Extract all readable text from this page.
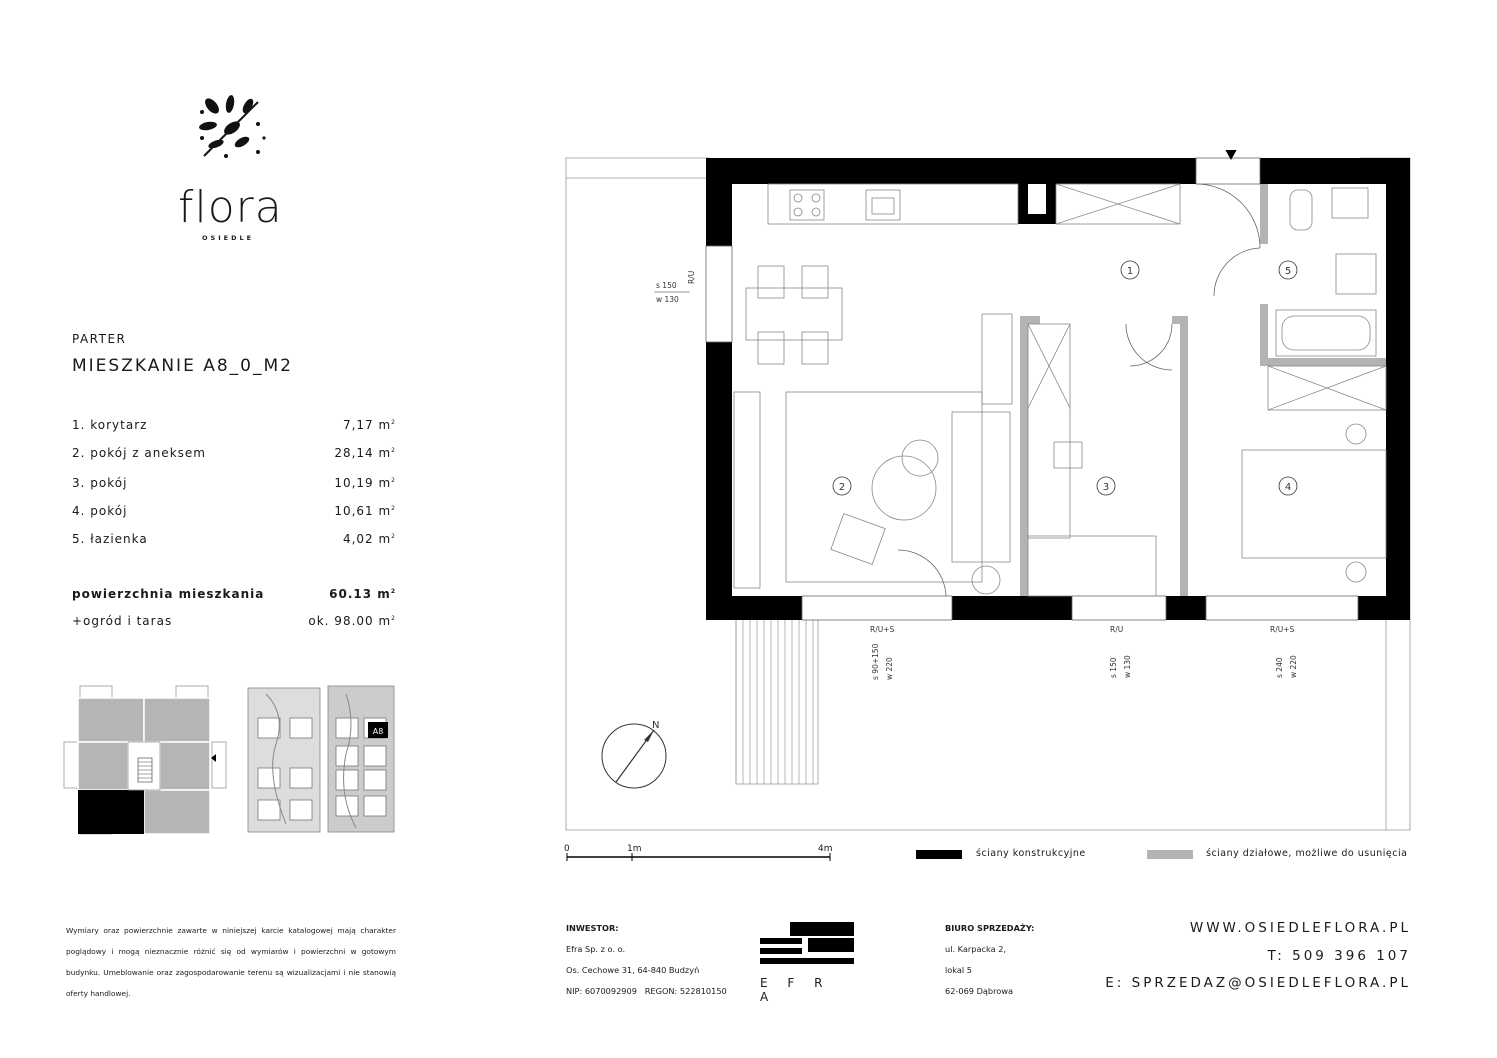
flora
OSIEDLE
PARTER
MIESZKANIE A8_0_M2
1. korytarz	7,17 $m^2$
2. pokój z aneksem	28,14 $m^2$
3. pokój	10,19 $m^2$
4. pokój	10,61 $m^2$
5. łazienka	4,02 $m^2$
powierzchnia mieszkania	60.13 $m^2$
+ogród i taras	ok. 98.00 $m^2$
A8
1
2	3	4
5
s 150
w 130
R/U
s 90+150 w 220
R/U+S
s 150 w 130
R/U
s 240 w 220
R/U+S
N
0	1m	4m	ściany konstrukcyjne	ściany działowe, możliwe do usunięcia
Wymiary oraz powierzchnie zawarte w niniejszej karcie katalogowej mają charakter poglądowy i mogą nieznacznie różnić się od wymiarów i powierzchni w gotowym budynku. Umeblowanie oraz zagospodarowanie terenu są wizualizacjami i nie stanowią oferty handlowej.
INWESTOR:
Efra Sp. z o. o.
Os. Cechowe 31, 64-840 Budzyń
NIP: 6070092909   REGON: 522810150
E F R A
BIURO SPRZEDAŻY:
ul. Karpacka 2,
lokal 5
62-069 Dąbrowa
WWW.OSIEDLEFLORA.PL
T: 509 396 107
E: SPRZEDAZ@OSIEDLEFLORA.PL
